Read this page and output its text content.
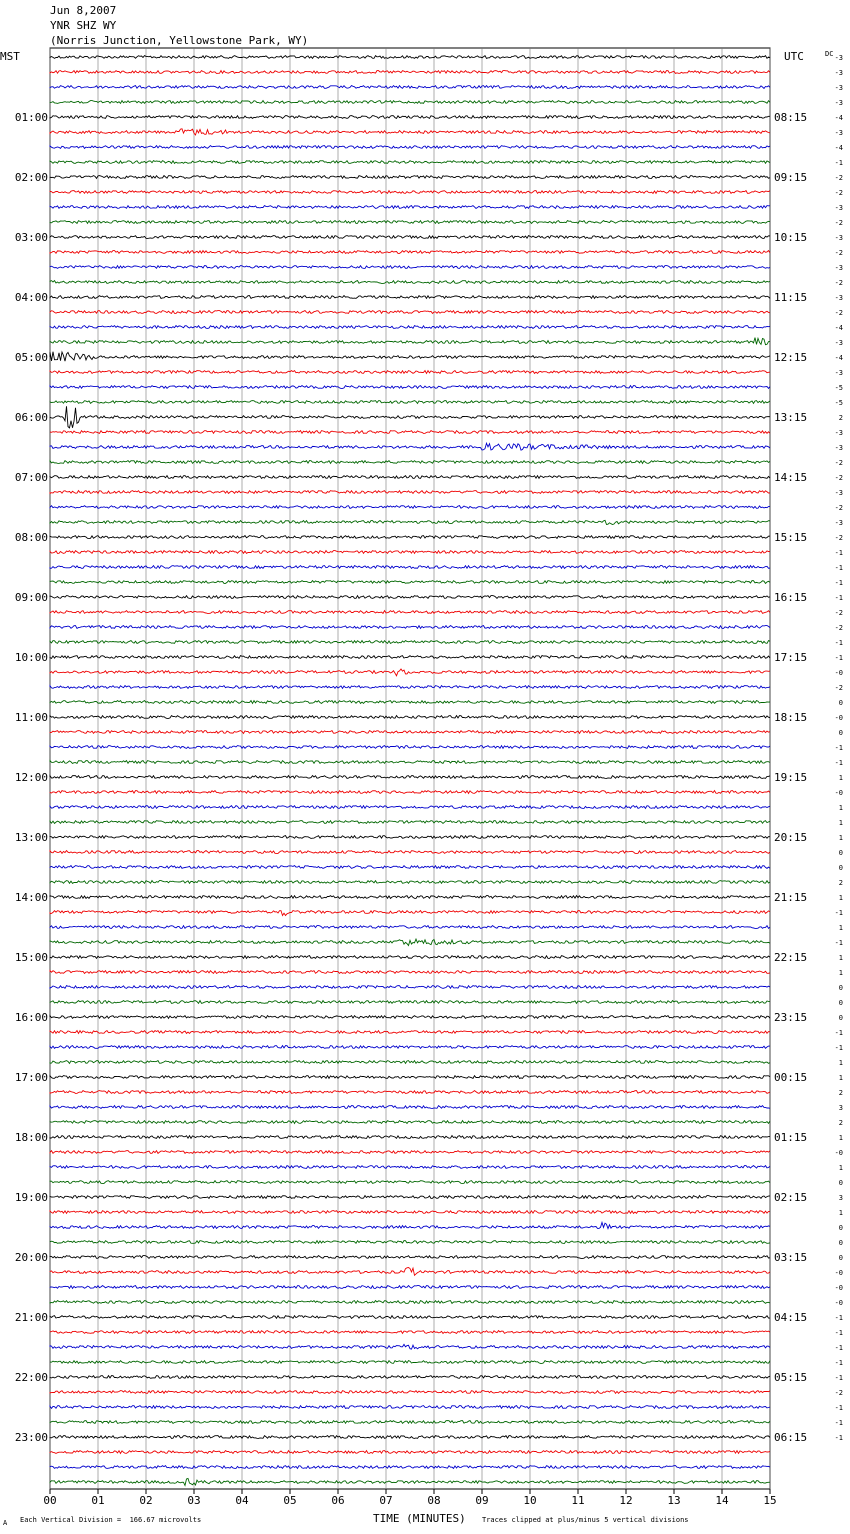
Jun 8,2007
YNR SHZ WY
(Norris Junction, Yellowstone Park, WY)
MST	UTC	DC
00	01	02	03	04	05	06	07	08	09	10	11	12	13	14	15
-3
-3
-3
-3
-4
-3
-4
-1
-2
-2
-3
-2
-3
-2
-3
-2
-3
-2
-4
-3
-4
-3
-5
-5
2
-3
-3
-2
-2
-3
-2
-3
-2
-1
-1
-1
-1
-2
-2
-1
-1
-0
-2
0
-0
0
-1
-1
1
-0
1
1
1
0
0
2
1
-1
1
-1
1
1
0
0
0
-1
-1
1
1
2
3
2
1
-0
1
0
3
1
0
0
0
-0
-0
-0
-1
-1
-1
-1
-1
-2
-1
-1
-1
01:00	08:15
02:00	09:15
03:00	10:15
04:00	11:15
05:00	12:15
06:00	13:15
07:00	14:15
08:00	15:15
09:00	16:15
10:00	17:15
11:00	18:15
12:00	19:15
13:00	20:15
14:00	21:15
15:00	22:15
16:00	23:15
17:00	00:15
18:00	01:15
19:00	02:15
20:00	03:15
21:00	04:15
22:00	05:15
23:00	06:15
TIME (MINUTES)
Each Vertical Division =  166.67 microvolts	Traces clipped at plus/minus 5 vertical divisions
A
